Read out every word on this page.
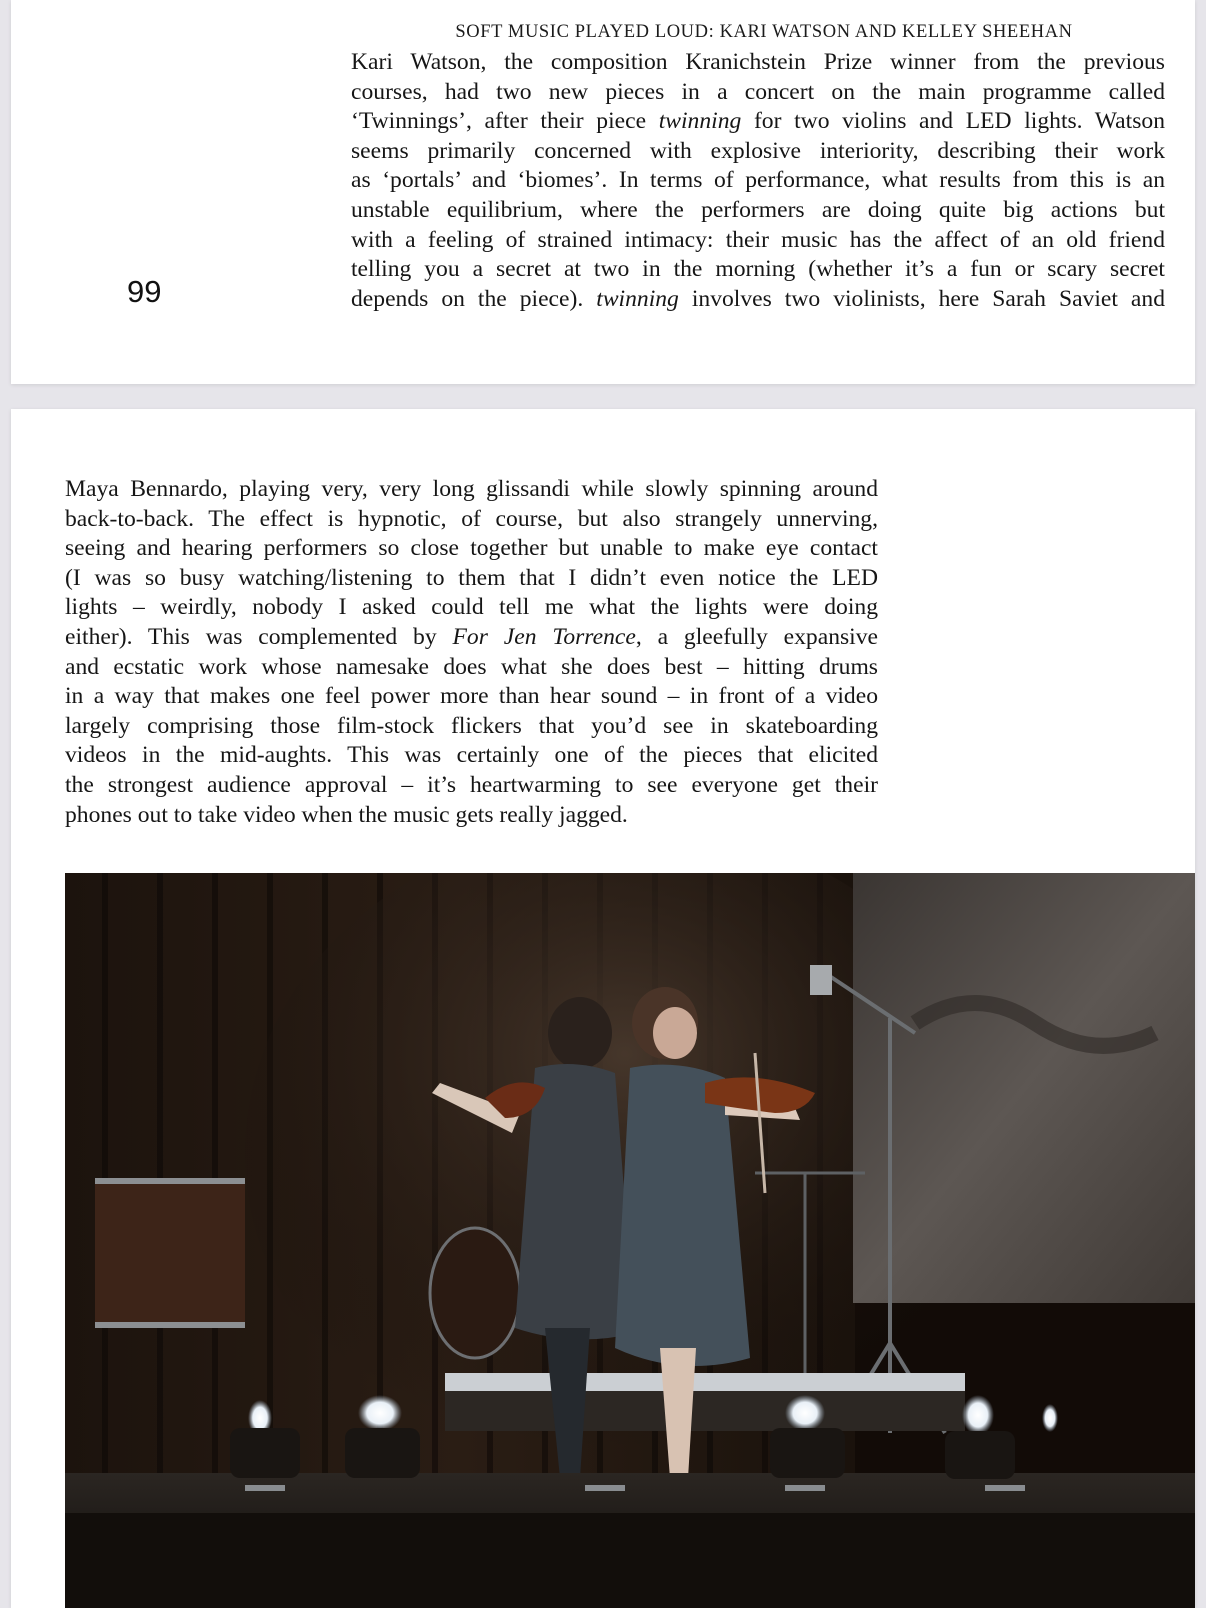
SOFT MUSIC PLAYED LOUD: KARI WATSON AND KELLEY SHEEHAN
99
Kari Watson, the composition Kranichstein Prize winner from the previous
courses, had two new pieces in a concert on the main programme called
‘Twinnings’, after their piece twinning for two violins and LED lights. Watson
seems primarily concerned with explosive interiority, describing their work
as ‘portals’ and ‘biomes’. In terms of performance, what results from this is an
unstable equilibrium, where the performers are doing quite big actions but
with a feeling of strained intimacy: their music has the affect of an old friend
telling you a secret at two in the morning (whether it’s a fun or scary secret
depends on the piece). twinning involves two violinists, here Sarah Saviet and
Maya Bennardo, playing very, very long glissandi while slowly spinning around
back-to-back. The effect is hypnotic, of course, but also strangely unnerving,
seeing and hearing performers so close together but unable to make eye contact
(I was so busy watching/listening to them that I didn’t even notice the LED
lights – weirdly, nobody I asked could tell me what the lights were doing
either). This was complemented by For Jen Torrence, a gleefully expansive
and ecstatic work whose namesake does what she does best – hitting drums
in a way that makes one feel power more than hear sound – in front of a video
largely comprising those film-stock flickers that you’d see in skateboarding
videos in the mid-aughts. This was certainly one of the pieces that elicited
the strongest audience approval – it’s heartwarming to see everyone get their
phones out to take video when the music gets really jagged.
